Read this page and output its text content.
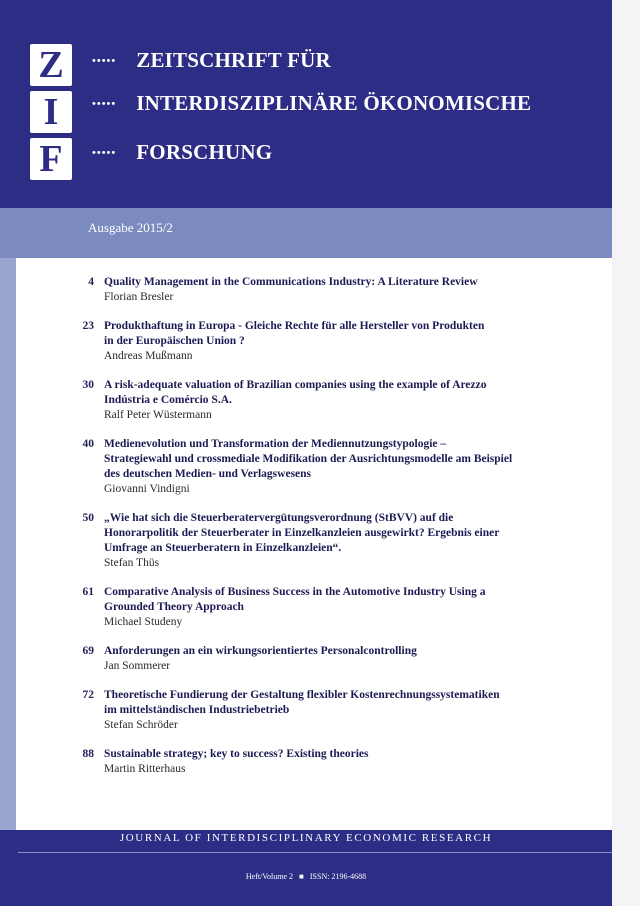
Z
I
F
••••• ZEITSCHRIFT FÜR
••••• INTERDISZIPLINÄRE ÖKONOMISCHE
••••• FORSCHUNG
Ausgabe 2015/2
4 Quality Management in the Communications Industry: A Literature Review
Florian Bresler
23 Produkthaftung in Europa - Gleiche Rechte für alle Hersteller von Produkten
in der Europäischen Union ?
Andreas Mußmann
30 A risk-adequate valuation of Brazilian companies using the example of Arezzo
Indústria e Comércio S.A.
Ralf Peter Wüstermann
40 Medienevolution und Transformation der Mediennutzungstypologie –
Strategiewahl und crossmediale Modifikation der Ausrichtungsmodelle am Beispiel
des deutschen Medien- und Verlagswesens
Giovanni Vindigni
50 „Wie hat sich die Steuerberatervergütungsverordnung (StBVV) auf die
Honorarpolitik der Steuerberater in Einzelkanzleien ausgewirkt? Ergebnis einer
Umfrage an Steuerberatern in Einzelkanzleien“.
Stefan Thüs
61 Comparative Analysis of Business Success in the Automotive Industry Using a
Grounded Theory Approach
Michael Studeny
69 Anforderungen an ein wirkungsorientiertes Personalcontrolling
Jan Sommerer
72 Theoretische Fundierung der Gestaltung flexibler Kostenrechnungssystematiken
im mittelständischen Industriebetrieb
Stefan Schröder
88 Sustainable strategy; key to success? Existing theories
Martin Ritterhaus
JOURNAL OF INTERDISCIPLINARY ECONOMIC RESEARCH
Heft/Volume 2 ■ ISSN: 2196-4688
